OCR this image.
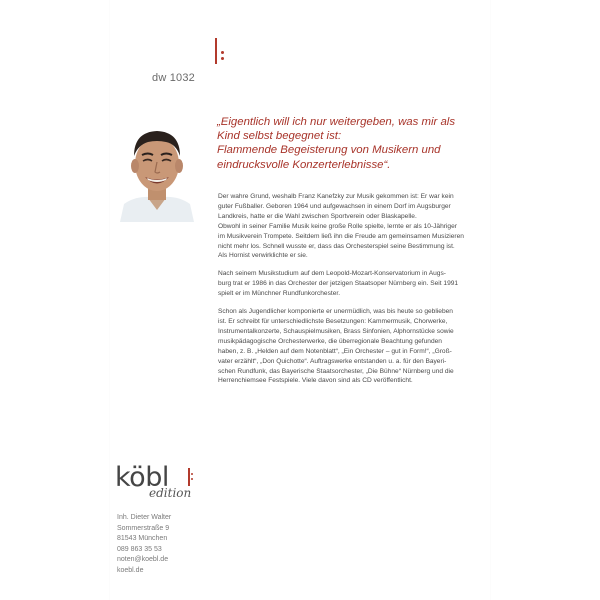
dw 1032
„Eigentlich will ich nur weitergeben, was mir als
Kind selbst begegnet ist:
Flammende Begeisterung von Musikern und
eindrucksvolle Konzerterlebnisse“.

Der wahre Grund, weshalb Franz Kanefzky zur Musik gekommen ist: Er war kein
guter Fußballer. Geboren 1964 und aufgewachsen in einem Dorf im Augsburger
Landkreis, hatte er die Wahl zwischen Sportverein oder Blaskapelle.
Obwohl in seiner Familie Musik keine große Rolle spielte, lernte er als 10-Jähriger
im Musikverein Trompete. Seitdem ließ ihn die Freude am gemeinsamen Musizieren
nicht mehr los. Schnell wusste er, dass das Orchesterspiel seine Bestimmung ist.
Als Hornist verwirklichte er sie.

Nach seinem Musikstudium auf dem Leopold-Mozart-Konservatorium in Augs-
burg trat er 1986 in das Orchester der jetzigen Staatsoper Nürnberg ein. Seit 1991
spielt er im Münchner Rundfunkorchester.

Schon als Jugendlicher komponierte er unermüdlich, was bis heute so geblieben
ist. Er schreibt für unterschiedlichste Besetzungen: Kammermusik, Chorwerke,
Instrumentalkonzerte, Schauspielmusiken, Brass Sinfonien, Alphornstücke sowie
musikpädagogische Orchesterwerke, die überregionale Beachtung gefunden
haben, z. B. „Helden auf dem Notenblatt“, „Ein Orchester – gut in Form!“, „Groß-
vater erzählt“, „Don Quichotte“. Auftragswerke entstanden u. a. für den Bayeri-
schen Rundfunk, das Bayerische Staatsorchester, „Die Bühne“ Nürnberg und die
Herrenchiemsee Festspiele. Viele davon sind als CD veröffentlicht.

köbl
edition
Inh. Dieter Walter
Sommerstraße 9
81543 München
089 863 35 53
noten@koebl.de
koebl.de
